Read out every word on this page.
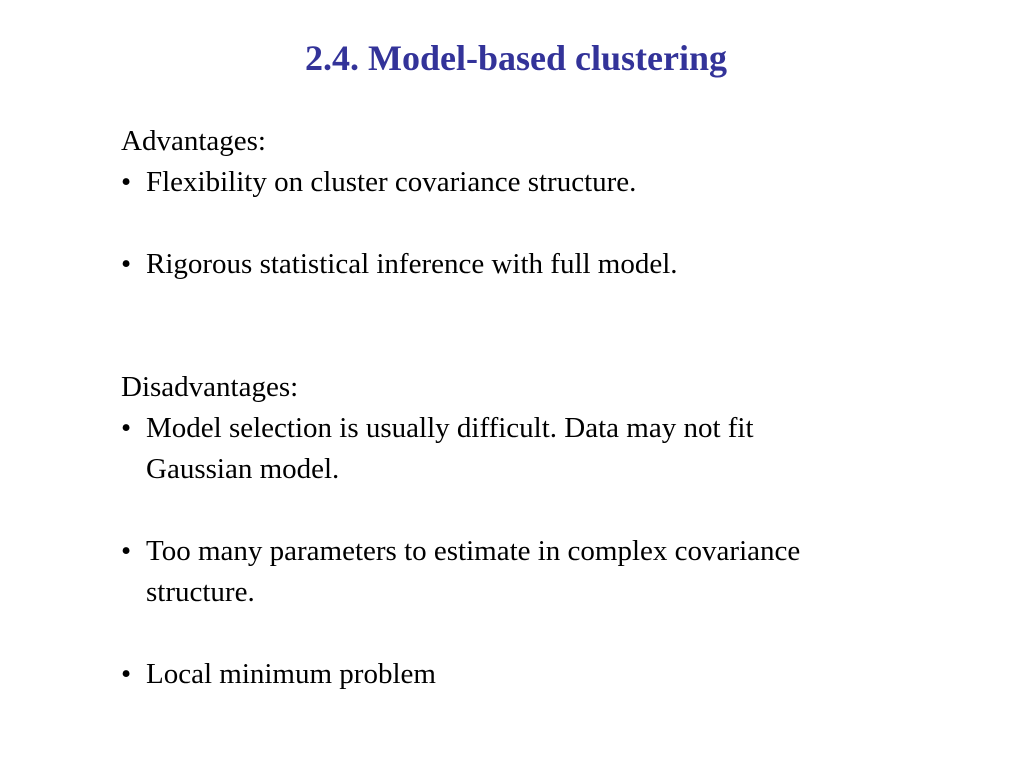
2.4. Model-based clustering

Advantages:

• Flexibility on cluster covariance structure.
• Rigorous statistical inference with full model.

Disadvantages:

• Model selection is usually difficult. Data may not fit Gaussian model.
• Too many parameters to estimate in complex covariance structure.
• Local minimum problem
